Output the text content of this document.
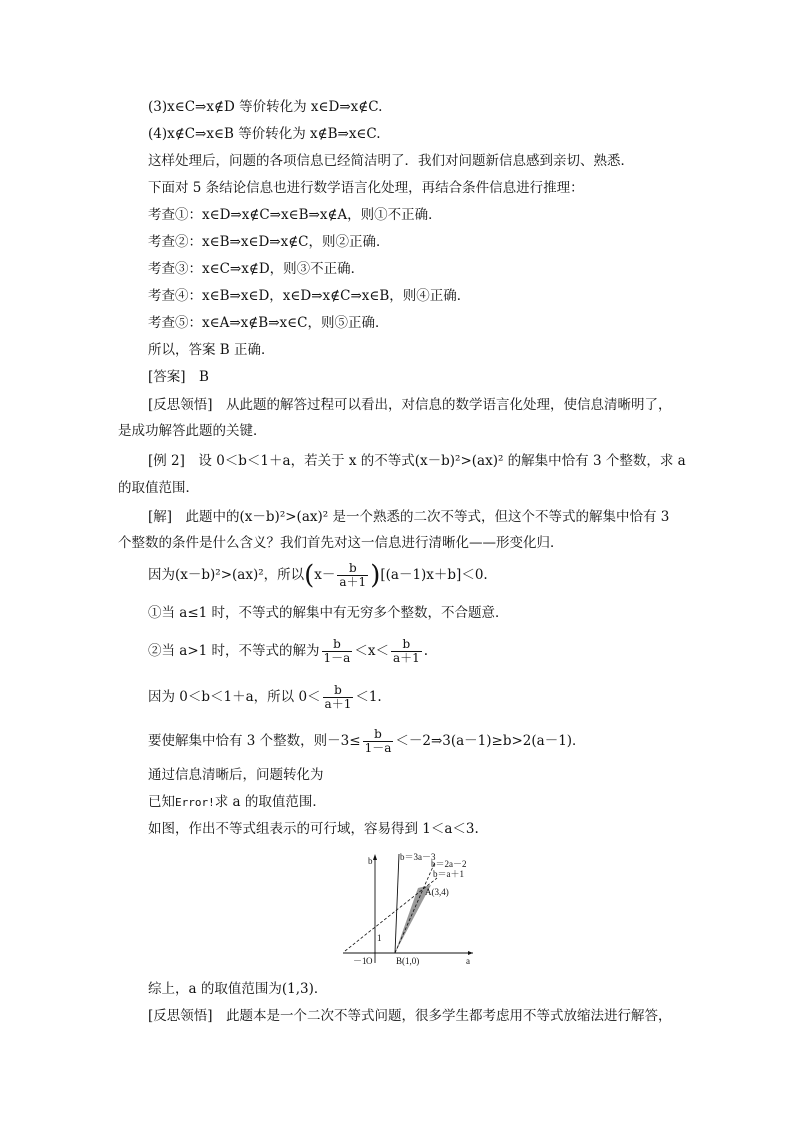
(3)x∈C⇒x∉D 等价转化为 x∈D⇒x∉C.
(4)x∉C⇒x∈B 等价转化为 x∉B⇒x∈C.
这样处理后，问题的各项信息已经简洁明了．我们对问题新信息感到亲切、熟悉．
下面对 5 条结论信息也进行数学语言化处理，再结合条件信息进行推理：
考查①：x∈D⇒x∉C⇒x∈B⇒x∉A，则①不正确．
考查②：x∈B⇒x∈D⇒x∉C，则②正确．
考查③：x∈C⇒x∉D，则③不正确．
考查④：x∈B⇒x∈D，x∈D⇒x∉C⇒x∈B，则④正确．
考查⑤：x∈A⇒x∉B⇒x∈C，则⑤正确．
所以，答案 B 正确．
[答案]　B
[反思领悟]　从此题的解答过程可以看出，对信息的数学语言化处理，使信息清晰明了，
是成功解答此题的关键．
[例 2]　设 0＜b＜1＋a，若关于 x 的不等式(x－b)²>(ax)² 的解集中恰有 3 个整数，求 a
的取值范围．
[解]　此题中的(x－b)²>(ax)² 是一个熟悉的二次不等式，但这个不等式的解集中恰有 3
个整数的条件是什么含义？我们首先对这一信息进行清晰化——形变化归．
因为(x－b)²>(ax)²，所以$(x- \frac{b}{a+1} )[(a-1)x+b]<0$.
①当 a≤1 时，不等式的解集中有无穷多个整数，不合题意．
②当 a>1 时，不等式的解为 $\frac{b}{1-a} <x< \frac{b}{a+1}$ .
因为 0＜b＜1＋a，所以 $0< \frac{b}{a+1} <1$.
要使解集中恰有 3 个整数，则$-3\le \frac{b}{1-a}$ ＜－2⇒3(a－1)≥b>2(a－1)．
通过信息清晰后，问题转化为
已知Error!求 a 的取值范围．
如图，作出不等式组表示的可行域，容易得到 1＜a＜3.
b
a
b＝3a－3
b＝2a－2
b＝a＋1
A(3,4)
B(1,0)
O
－1
1
综上，a 的取值范围为(1,3)．
[反思领悟]　此题本是一个二次不等式问题，很多学生都考虑用不等式放缩法进行解答，
